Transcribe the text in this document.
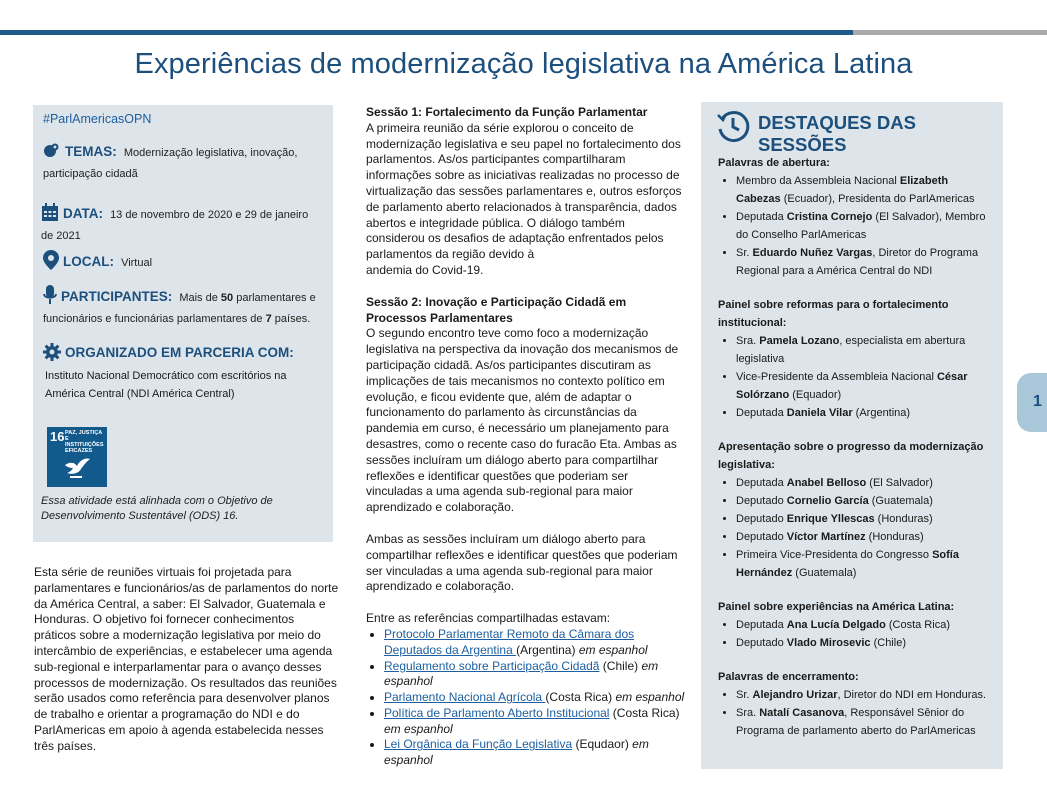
Experiências de modernização legislativa na América Latina
#ParlAmericasOPN
TEMAS: Modernização legislativa, inovação,
participação cidadã
DATA: 13 de novembro de 2020 e 29 de janeiro
de 2021
LOCAL: Virtual
PARTICIPANTES: Mais de 50 parlamentares e
funcionários e funcionárias parlamentares de 7 países.
ORGANIZADO EM PARCERIA COM:
Instituto Nacional Democrático com escritórios na América Central (NDI América Central)
16 PAZ, JUSTIÇA E INSTITUIÇÕES EFICAZES
Essa atividade está alinhada com o Objetivo de Desenvolvimento Sustentável (ODS) 16.
Esta série de reuniões virtuais foi projetada para parlamentares e funcionários/as de parlamentos do norte da América Central, a saber: El Salvador, Guatemala e Honduras. O objetivo foi fornecer conhecimentos práticos sobre a modernização legislativa por meio do intercâmbio de experiências, e estabelecer uma agenda sub-regional e interparlamentar para o avanço desses processos de modernização. Os resultados das reuniões serão usados como referência para desenvolver planos de trabalho e orientar a programação do NDI e do ParlAmericas em apoio à agenda estabelecida nesses três países.

Sessão 1: Fortalecimento da Função Parlamentar

A primeira reunião da série explorou o conceito de modernização legislativa e seu papel no fortalecimento dos parlamentos. As/os participantes compartilharam informações sobre as iniciativas realizadas no processo de virtualização das sessões parlamentares e, outros esforços de parlamento aberto relacionados à transparência, dados abertos e integridade pública. O diálogo também considerou os desafios de adaptação enfrentados pelos parlamentos da região devido à

andemia do Covid-19.

Sessão 2: Inovação e Participação Cidadã em Processos Parlamentares

O segundo encontro teve como foco a modernização legislativa na perspectiva da inovação dos mecanismos de participação cidadã. As/os participantes discutiram as implicações de tais mecanismos no contexto político em evolução, e ficou evidente que, além de adaptar o funcionamento do parlamento às circunstâncias da pandemia em curso, é necessário um planejamento para desastres, como o recente caso do furacão Eta. Ambas as sessões incluíram um diálogo aberto para compartilhar reflexões e identificar questões que poderiam ser vinculadas a uma agenda sub-regional para maior aprendizado e colaboração.

Ambas as sessões incluíram um diálogo aberto para compartilhar reflexões e identificar questões que poderiam ser vinculadas a uma agenda sub-regional para maior aprendizado e colaboração.

Entre as referências compartilhadas estavam:

• Protocolo Parlamentar Remoto da Câmara dos Deputados da Argentina (Argentina) em espanhol
• Regulamento sobre Participação Cidadã (Chile) em espanhol
• Parlamento Nacional Agrícola (Costa Rica) em espanhol
• Política de Parlamento Aberto Institucional (Costa Rica) em espanhol
• Lei Orgânica da Função Legislativa (Equdaor) em espanhol
DESTAQUES DAS SESSÕES
Palavras de abertura:
• Membro da Assembleia Nacional Elizabeth Cabezas (Ecuador), Presidenta do ParlAmericas
• Deputada Cristina Cornejo (El Salvador), Membro do Conselho ParlAmericas
• Sr. Eduardo Nuñez Vargas, Diretor do Programa Regional para a América Central do NDI
Painel sobre reformas para o fortalecimento institucional:
• Sra. Pamela Lozano, especialista em abertura legislativa
• Vice-Presidente da Assembleia Nacional César Solórzano (Equador)
• Deputada Daniela Vilar (Argentina)
Apresentação sobre o progresso da modernização legislativa:
• Deputada Anabel Belloso (El Salvador)
• Deputado Cornelio García (Guatemala)
• Deputado Enrique Yllescas (Honduras)
• Deputado Víctor Martínez (Honduras)
• Primeira Vice-Presidenta do Congresso Sofía Hernández (Guatemala)
Painel sobre experiências na América Latina:
• Deputada Ana Lucía Delgado (Costa Rica)
• Deputado Vlado Mirosevic (Chile)
Palavras de encerramento:
• Sr. Alejandro Urizar, Diretor do NDI em Honduras.
• Sra. Natalí Casanova, Responsável Sênior do Programa de parlamento aberto do ParlAmericas
1
